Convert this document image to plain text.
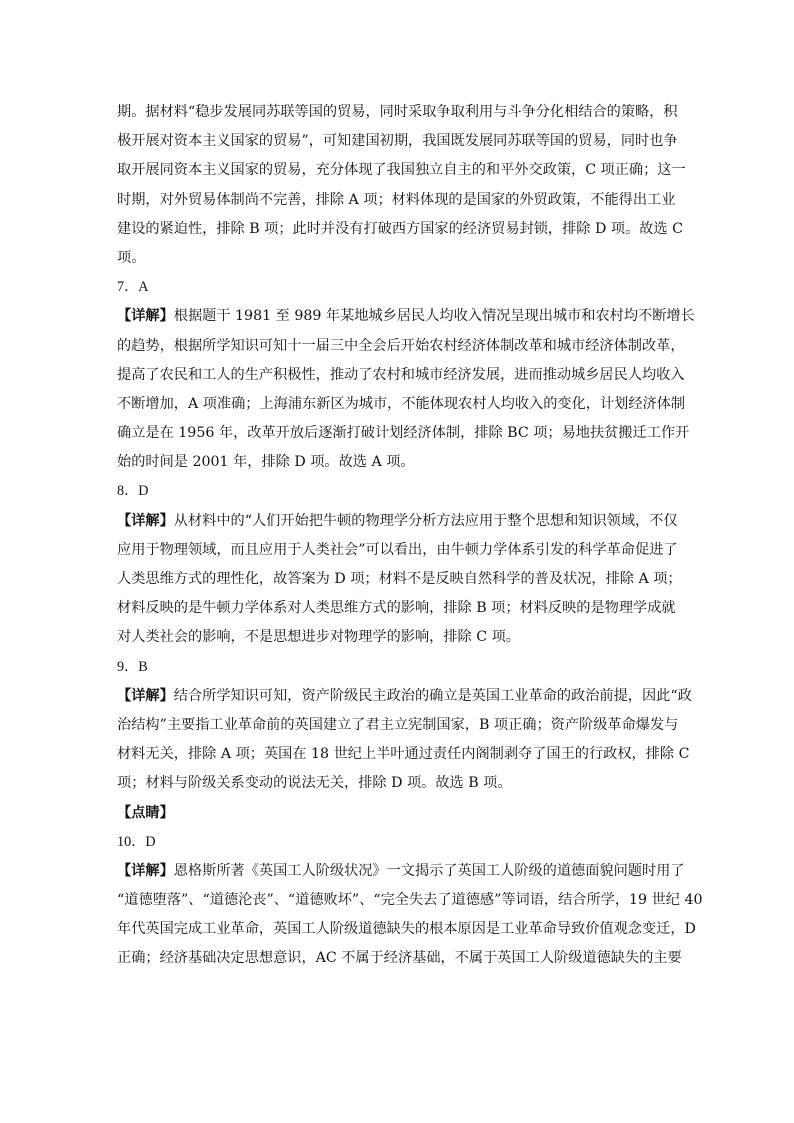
期。据材料“稳步发展同苏联等国的贸易，同时采取争取利用与斗争分化相结合的策略，积
极开展对资本主义国家的贸易”，可知建国初期，我国既发展同苏联等国的贸易，同时也争
取开展同资本主义国家的贸易，充分体现了我国独立自主的和平外交政策，C 项正确；这一
时期，对外贸易体制尚不完善，排除 A 项；材料体现的是国家的外贸政策，不能得出工业
建设的紧迫性，排除 B 项；此时并没有打破西方国家的经济贸易封锁，排除 D 项。故选 C
项。
7．A
【详解】根据题干 1981 至 989 年某地城乡居民人均收入情况呈现出城市和农村均不断增长
的趋势，根据所学知识可知十一届三中全会后开始农村经济体制改革和城市经济体制改革，
提高了农民和工人的生产积极性，推动了农村和城市经济发展，进而推动城乡居民人均收入
不断增加，A 项准确；上海浦东新区为城市，不能体现农村人均收入的变化，计划经济体制
确立是在 1956 年，改革开放后逐渐打破计划经济体制，排除 BC 项；易地扶贫搬迁工作开
始的时间是 2001 年，排除 D 项。故选 A 项。
8．D
【详解】从材料中的“人们开始把牛顿的物理学分析方法应用于整个思想和知识领域，不仅
应用于物理领域，而且应用于人类社会”可以看出，由牛顿力学体系引发的科学革命促进了
人类思维方式的理性化，故答案为 D 项；材料不是反映自然科学的普及状况，排除 A 项；
材料反映的是牛顿力学体系对人类思维方式的影响，排除 B 项；材料反映的是物理学成就
对人类社会的影响，不是思想进步对物理学的影响，排除 C 项。
9．B
【详解】结合所学知识可知，资产阶级民主政治的确立是英国工业革命的政治前提，因此“政
治结构”主要指工业革命前的英国建立了君主立宪制国家，B 项正确；资产阶级革命爆发与
材料无关，排除 A 项；英国在 18 世纪上半叶通过责任内阁制剥夺了国王的行政权，排除 C
项；材料与阶级关系变动的说法无关，排除 D 项。故选 B 项。
【点睛】
10．D
【详解】恩格斯所著《英国工人阶级状况》一文揭示了英国工人阶级的道德面貌问题时用了
“道德堕落”、“道德沦丧”、“道德败坏”、“完全失去了道德感”等词语，结合所学，19 世纪 40
年代英国完成工业革命，英国工人阶级道德缺失的根本原因是工业革命导致价值观念变迁，D
正确；经济基础决定思想意识，AC 不属于经济基础，不属于英国工人阶级道德缺失的主要
